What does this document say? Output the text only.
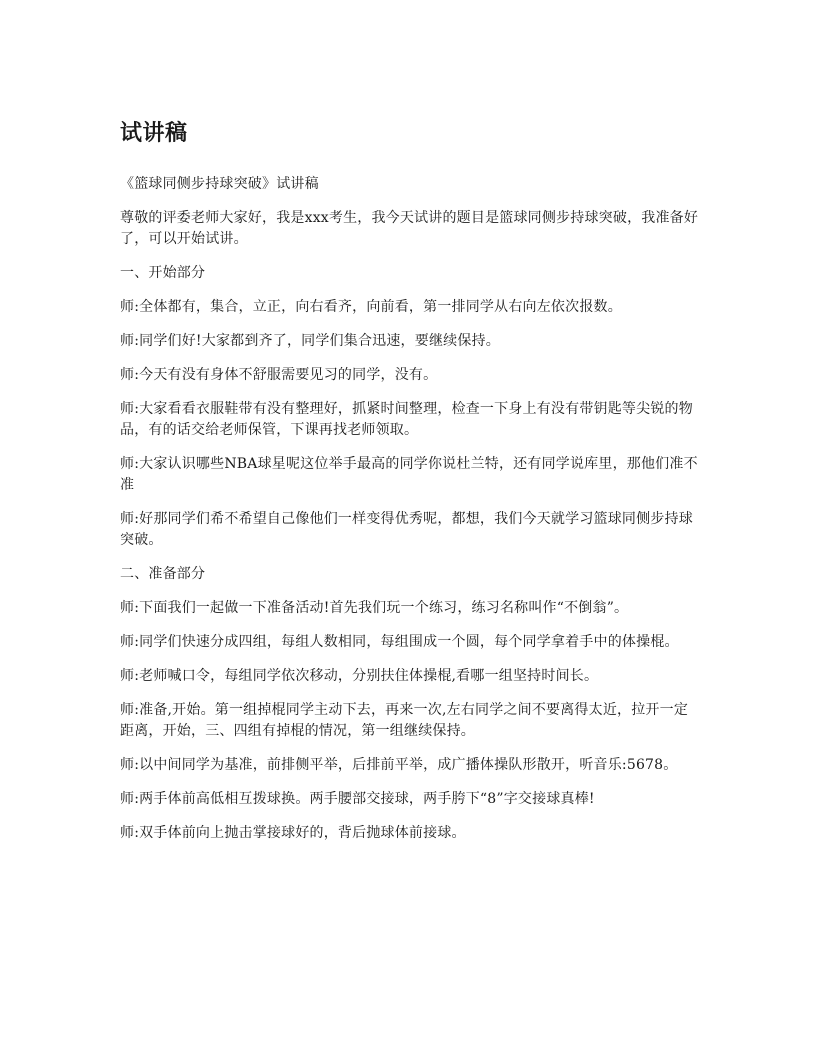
试讲稿

《篮球同侧步持球突破》试讲稿

尊敬的评委老师大家好，我是xxx考生，我今天试讲的题目是篮球同侧步持球突破，我准备好了，可以开始试讲。

一、开始部分

师:全体都有，集合，立正，向右看齐，向前看，第一排同学从右向左依次报数。

师:同学们好!大家都到齐了，同学们集合迅速，要继续保持。

师:今天有没有身体不舒服需要见习的同学，没有。

师:大家看看衣服鞋带有没有整理好，抓紧时间整理，检查一下身上有没有带钥匙等尖锐的物品，有的话交给老师保管，下课再找老师领取。

师:大家认识哪些NBA球星呢这位举手最高的同学你说杜兰特，还有同学说库里，那他们准不准

师:好那同学们希不希望自己像他们一样变得优秀呢，都想，我们今天就学习篮球同侧步持球突破。

二、准备部分

师:下面我们一起做一下准备活动!首先我们玩一个练习，练习名称叫作“不倒翁”。

师:同学们快速分成四组，每组人数相同，每组围成一个圆，每个同学拿着手中的体操棍。

师:老师喊口令，每组同学依次移动，分别扶住体操棍,看哪一组坚持时间长。

师:准备,开始。第一组掉棍同学主动下去，再来一次,左右同学之间不要离得太近，拉开一定距离，开始，三、四组有掉棍的情况，第一组继续保持。

师:以中间同学为基准，前排侧平举，后排前平举，成广播体操队形散开，听音乐:5678。

师:两手体前高低相互拨球换。两手腰部交接球，两手胯下“8”字交接球真棒!

师:双手体前向上抛击掌接球好的，背后抛球体前接球。
